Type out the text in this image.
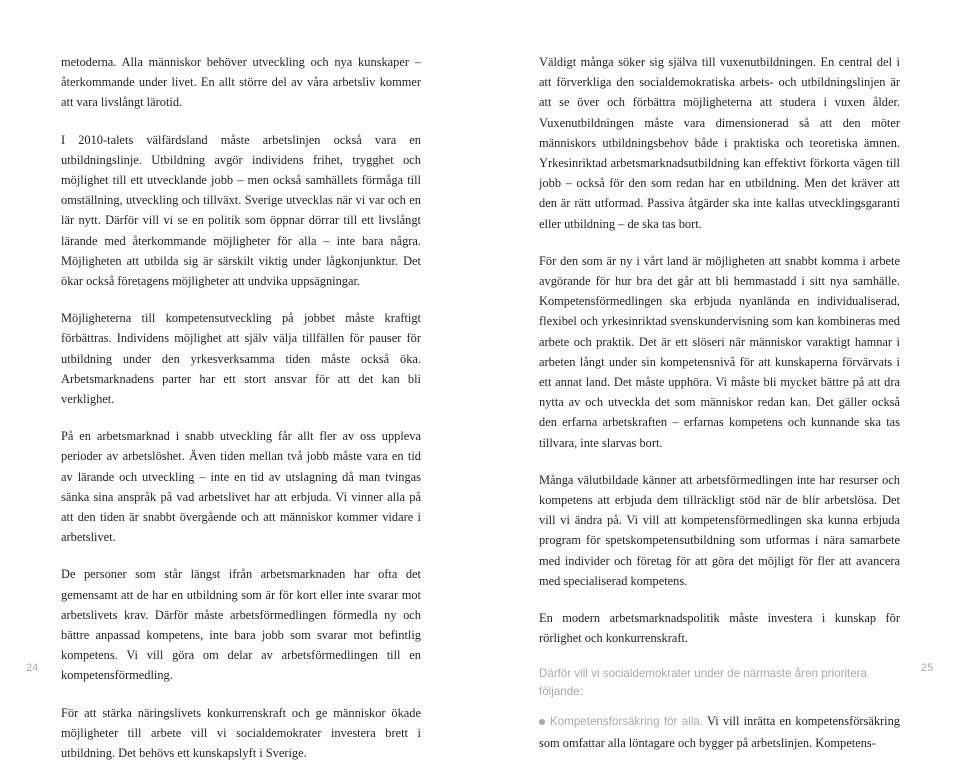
metoderna. Alla människor behöver utveckling och nya kunskaper – återkommande under livet. En allt större del av våra arbetsliv kommer att vara livslångt lärotid.

I 2010-talets välfärdsland måste arbetslinjen också vara en utbildningslinje. Utbildning avgör individens frihet, trygghet och möjlighet till ett utvecklande jobb – men också samhällets förmåga till omställning, utveckling och tillväxt. Sverige utvecklas när vi var och en lär nytt. Därför vill vi se en politik som öppnar dörrar till ett livslångt lärande med återkommande möjligheter för alla – inte bara några. Möjligheten att utbilda sig är särskilt viktig under lågkonjunktur. Det ökar också företagens möjligheter att undvika uppsägningar.

Möjligheterna till kompetensutveckling på jobbet måste kraftigt förbättras. Individens möjlighet att själv välja tillfällen för pauser för utbildning under den yrkesverksamma tiden måste också öka. Arbetsmarknadens parter har ett stort ansvar för att det kan bli verklighet.

På en arbetsmarknad i snabb utveckling får allt fler av oss uppleva perioder av arbetslöshet. Även tiden mellan två jobb måste vara en tid av lärande och utveckling – inte en tid av utslagning då man tvingas sänka sina anspråk på vad arbetslivet har att erbjuda. Vi vinner alla på att den tiden är snabbt övergående och att människor kommer vidare i arbetslivet.

De personer som står längst ifrån arbetsmarknaden har ofta det gemensamt att de har en utbildning som är för kort eller inte svarar mot arbetslivets krav. Därför måste arbetsförmedlingen förmedla ny och bättre anpassad kompetens, inte bara jobb som svarar mot befintlig kompetens. Vi vill göra om delar av arbetsförmedlingen till en kompetensförmedling.

För att stärka näringslivets konkurrenskraft och ge människor ökade möjligheter till arbete vill vi socialdemokrater investera brett i utbildning. Det behövs ett kunskapslyft i Sverige.

24

Väldigt många söker sig själva till vuxenutbildningen. En central del i att förverkliga den socialdemokratiska arbets- och utbildningslinjen är att se över och förbättra möjligheterna att studera i vuxen ålder. Vuxenutbildningen måste vara dimensionerad så att den möter människors utbildningsbehov både i praktiska och teoretiska ämnen. Yrkesinriktad arbetsmarknadsutbildning kan effektivt förkorta vägen till jobb – också för den som redan har en utbildning. Men det kräver att den är rätt utformad. Passiva åtgärder ska inte kallas utvecklingsgaranti eller utbildning – de ska tas bort.

För den som är ny i vårt land är möjligheten att snabbt komma i arbete avgörande för hur bra det går att bli hemmastadd i sitt nya samhälle. Kompetensförmedlingen ska erbjuda nyanlända en individualiserad, flexibel och yrkesinriktad svenskundervisning som kan kombineras med arbete och praktik. Det är ett slöseri när människor varaktigt hamnar i arbeten långt under sin kompetensnivå för att kunskaperna förvärvats i ett annat land. Det måste upphöra. Vi måste bli mycket bättre på att dra nytta av och utveckla det som människor redan kan. Det gäller också den erfarna arbetskraften – erfarnas kompetens och kunnande ska tas tillvara, inte slarvas bort.

Många välutbildade känner att arbetsförmedlingen inte har resurser och kompetens att erbjuda dem tillräckligt stöd när de blir arbetslösa. Det vill vi ändra på. Vi vill att kompetensförmedlingen ska kunna erbjuda program för spetskompetensutbildning som utformas i nära samarbete med individer och företag för att göra det möjligt för fler att avancera med specialiserad kompetens.

En modern arbetsmarknadspolitik måste investera i kunskap för rörlighet och konkurrenskraft.

Därför vill vi socialdemokrater under de närmaste åren prioritera följande:

Kompetensförsäkring för alla. Vi vill inrätta en kompetensförsäkring som omfattar alla löntagare och bygger på arbetslinjen. Kompetens-

25
